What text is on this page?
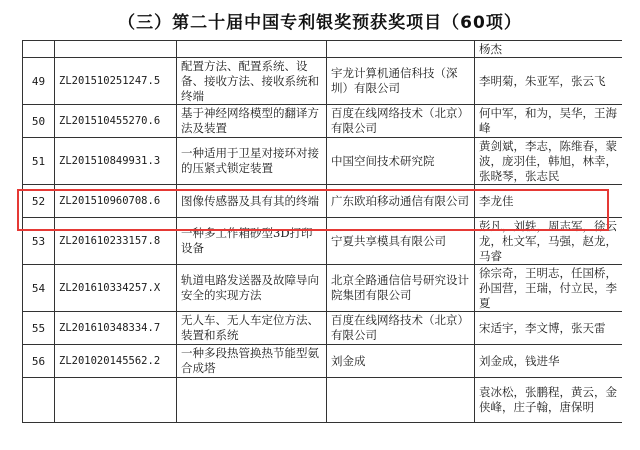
（三）第二十届中国专利银奖预获奖项目（60项）
				杨杰
49	ZL201510251247.5	配置方法、配置系统、设备、接收方法、接收系统和终端	宇龙计算机通信科技（深圳）有限公司	李明菊，朱亚军，张云飞
50	ZL201510455270.6	基于神经网络模型的翻译方法及装置	百度在线网络技术（北京）有限公司	何中军，和为，吴华，王海峰
51	ZL201510849931.3	一种适用于卫星对接环对接的压紧式锁定装置	中国空间技术研究院	黄剑斌，李志，陈维春，蒙波，庞羽佳，韩旭，林幸，张晓琴，张志民
52	ZL201510960708.6	图像传感器及具有其的终端	广东欧珀移动通信有限公司	李龙佳
53	ZL201610233157.8	一种多工作箱砂型3D打印设备	宁夏共享模具有限公司	彭凡，刘轶，周志军，徐云龙，杜文军，马强，赵龙，马睿
54	ZL201610334257.X	轨道电路发送器及故障导向安全的实现方法	北京全路通信信号研究设计院集团有限公司	徐宗奇，王明志，任国桥，孙国营，王瑞，付立民，李夏
55	ZL201610348334.7	无人车、无人车定位方法、装置和系统	百度在线网络技术（北京）有限公司	宋适宇，李文博，张天雷
56	ZL201020145562.2	一种多段热管换热节能型氨合成塔	刘金成	刘金成，钱进华
				袁冰松，张鹏程，黄云，金侠峰，庄子翰，唐保明
